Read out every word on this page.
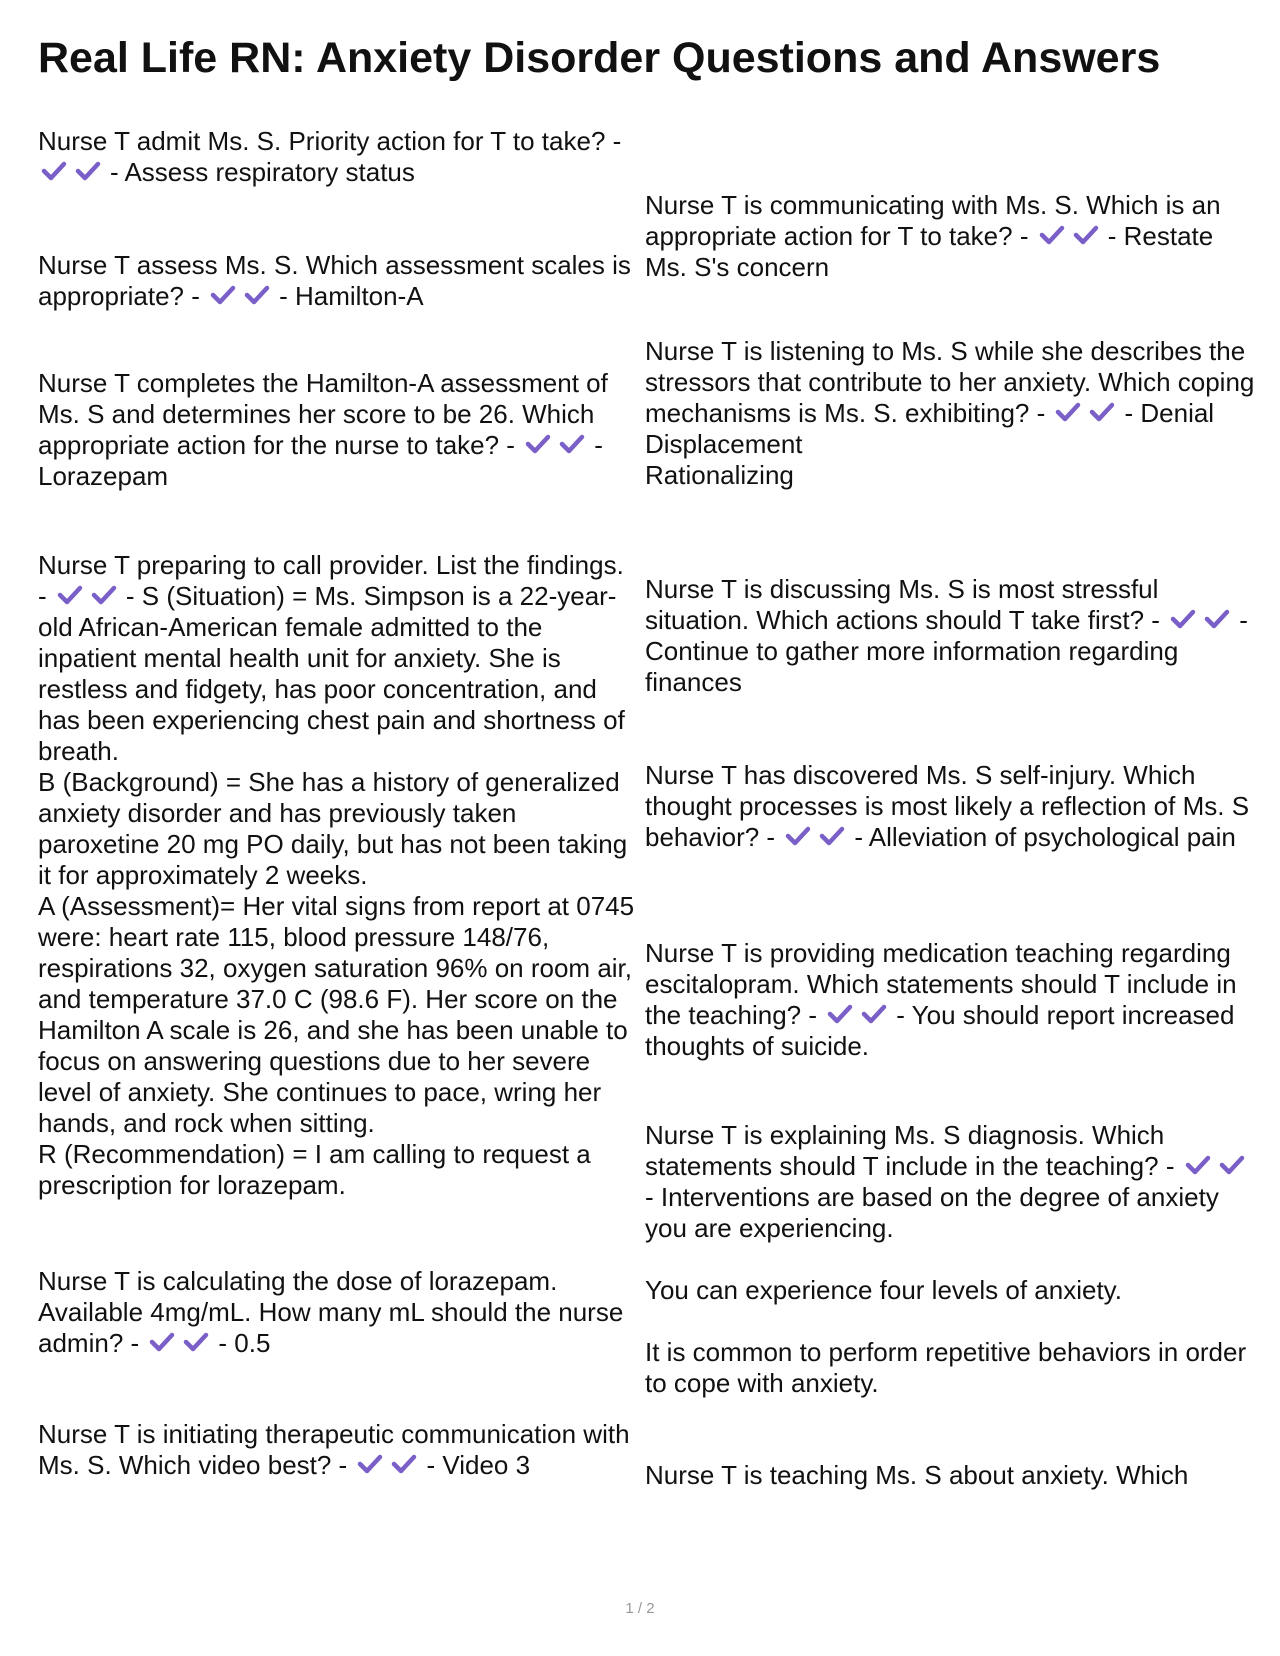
Real Life RN: Anxiety Disorder Questions and Answers
Nurse T admit Ms. S. Priority action for T to take? -
- Assess respiratory status
Nurse T assess Ms. S. Which assessment scales is appropriate? -	- Hamilton-A
Nurse T completes the Hamilton-A assessment of Ms. S and determines her score to be 26. Which appropriate action for the nurse to take? -	- Lorazepam
Nurse T preparing to call provider. List the findings. -	- S (Situation) = Ms. Simpson is a 22-year-old African-American female admitted to the inpatient mental health unit for anxiety. She is restless and fidgety, has poor concentration, and has been experiencing chest pain and shortness of breath.
B (Background) = She has a history of generalized anxiety disorder and has previously taken paroxetine 20 mg PO daily, but has not been taking it for approximately 2 weeks.
A (Assessment)= Her vital signs from report at 0745 were: heart rate 115, blood pressure 148/76, respirations 32, oxygen saturation 96% on room air, and temperature 37.0 C (98.6 F). Her score on the Hamilton A scale is 26, and she has been unable to focus on answering questions due to her severe level of anxiety. She continues to pace, wring her hands, and rock when sitting.
R (Recommendation) = I am calling to request a prescription for lorazepam.
Nurse T is calculating the dose of lorazepam. Available 4mg/mL. How many mL should the nurse admin? -	- 0.5
Nurse T is initiating therapeutic communication with Ms. S. Which video best? -	- Video 3
Nurse T is communicating with Ms. S. Which is an appropriate action for T to take? -	- Restate Ms. S's concern
Nurse T is listening to Ms. S while she describes the stressors that contribute to her anxiety. Which coping mechanisms is Ms. S. exhibiting? -	- Denial
Displacement
Rationalizing
Nurse T is discussing Ms. S is most stressful situation. Which actions should T take first? -	- Continue to gather more information regarding finances
Nurse T has discovered Ms. S self-injury. Which thought processes is most likely a reflection of Ms. S behavior? -	- Alleviation of psychological pain
Nurse T is providing medication teaching regarding escitalopram. Which statements should T include in the teaching? -	- You should report increased thoughts of suicide.
Nurse T is explaining Ms. S diagnosis. Which statements should T include in the teaching? -
- Interventions are based on the degree of anxiety you are experiencing.

You can experience four levels of anxiety.

It is common to perform repetitive behaviors in order to cope with anxiety.
Nurse T is teaching Ms. S about anxiety. Which
1 / 2
